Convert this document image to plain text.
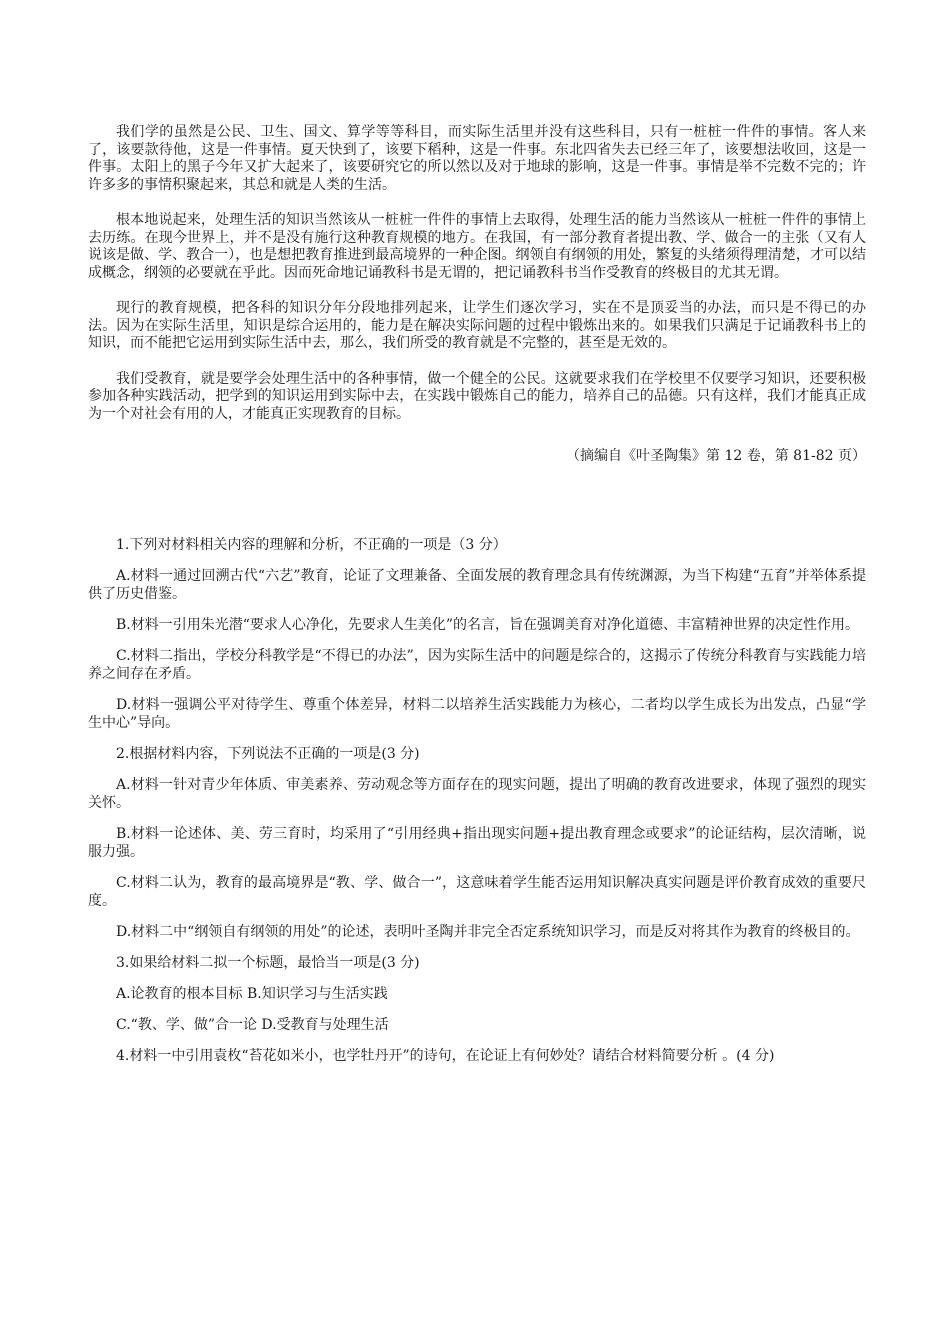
我们学的虽然是公民、卫生、国文、算学等等科目，而实际生活里并没有这些科目，只有一桩桩一件件的事情。客人来了，该要款待他，这是一件事情。夏天快到了，该要下稻种，这是一件事。东北四省失去已经三年了，该要想法收回，这是一件事。太阳上的黑子今年又扩大起来了，该要研究它的所以然以及对于地球的影响，这是一件事。事情是举不完数不完的；许许多多的事情积聚起来，其总和就是人类的生活。

根本地说起来，处理生活的知识当然该从一桩桩一件件的事情上去取得，处理生活的能力当然该从一桩桩一件件的事情上去历练。在现今世界上，并不是没有施行这种教育规模的地方。在我国，有一部分教育者提出教、学、做合一的主张（又有人说该是做、学、教合一），也是想把教育推进到最高境界的一种企图。纲领自有纲领的用处，繁复的头绪须得理清楚，才可以结成概念，纲领的必要就在乎此。因而死命地记诵教科书是无谓的，把记诵教科书当作受教育的终极目的尤其无谓。

现行的教育规模，把各科的知识分年分段地排列起来，让学生们逐次学习，实在不是顶妥当的办法，而只是不得已的办法。因为在实际生活里，知识是综合运用的，能力是在解决实际问题的过程中锻炼出来的。如果我们只满足于记诵教科书上的知识，而不能把它运用到实际生活中去，那么，我们所受的教育就是不完整的，甚至是无效的。

我们受教育，就是要学会处理生活中的各种事情，做一个健全的公民。这就要求我们在学校里不仅要学习知识，还要积极参加各种实践活动，把学到的知识运用到实际中去，在实践中锻炼自己的能力，培养自己的品德。只有这样，我们才能真正成为一个对社会有用的人，才能真正实现教育的目标。

（摘编自《叶圣陶集》第 12 卷，第 81-82 页）

1.下列对材料相关内容的理解和分析，不正确的一项是（3 分）

A.材料一通过回溯古代“六艺”教育，论证了文理兼备、全面发展的教育理念具有传统渊源，为当下构建“五育”并举体系提供了历史借鉴。

B.材料一引用朱光潜“要求人心净化，先要求人生美化”的名言，旨在强调美育对净化道德、丰富精神世界的决定性作用。

C.材料二指出，学校分科教学是“不得已的办法”，因为实际生活中的问题是综合的，这揭示了传统分科教育与实践能力培养之间存在矛盾。

D.材料一强调公平对待学生、尊重个体差异，材料二以培养生活实践能力为核心，二者均以学生成长为出发点，凸显“学生中心”导向。

2.根据材料内容，下列说法不正确的一项是(3 分)

A.材料一针对青少年体质、审美素养、劳动观念等方面存在的现实问题，提出了明确的教育改进要求，体现了强烈的现实关怀。

B.材料一论述体、美、劳三育时，均采用了“引用经典+指出现实问题+提出教育理念或要求”的论证结构，层次清晰，说服力强。

C.材料二认为，教育的最高境界是“教、学、做合一”，这意味着学生能否运用知识解决真实问题是评价教育成效的重要尺度。

D.材料二中“纲领自有纲领的用处”的论述，表明叶圣陶并非完全否定系统知识学习，而是反对将其作为教育的终极目的。

3.如果给材料二拟一个标题，最恰当一项是(3 分)

A.论教育的根本目标 B.知识学习与生活实践

C.“教、学、做”合一论 D.受教育与处理生活

4.材料一中引用袁枚“苔花如米小，也学牡丹开”的诗句，在论证上有何妙处？请结合材料简要分析 。(4 分)
